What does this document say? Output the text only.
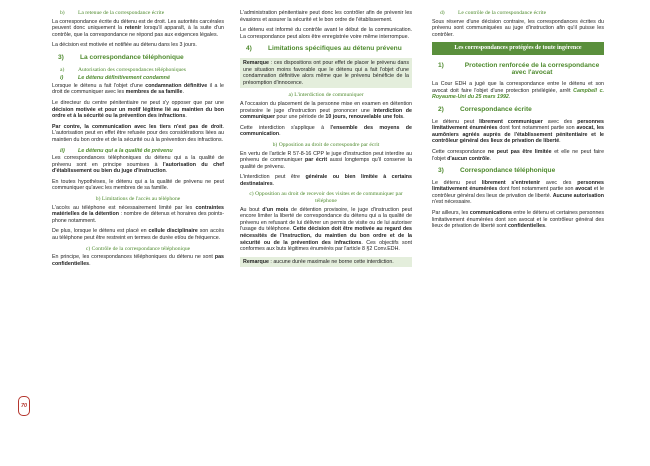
b) La retenue de la correspondance écrite

La correspondance écrite du détenu est de droit. Les autorités carcérales peuvent donc uniquement la retenir lorsqu'il apparaît, à la suite d'un contrôle, que la correspondance ne répond pas aux exigences légales.

La décision est motivée et notifiée au détenu dans les 3 jours.

3) La correspondance téléphonique
a) Autorisation des correspondances téléphoniques
i)	Le détenu définitivement condamné

Lorsque le détenu a fait l'objet d'une condamnation définitive il a le droit de communiquer avec les membres de sa famille.

Le directeur du centre pénitentiaire ne peut s'y opposer que par une décision motivée et pour un motif légitime lié au maintien du bon ordre et à la sécurité ou la prévention des infractions.

Par contre, la communication avec les tiers n'est pas de droit. L'autorisation peut en effet être refusée pour des considérations liées au maintien du bon ordre et de la sécurité ou à la prévention des infractions.

ii) Le détenu qui a la qualité de prévenu

Les correspondances téléphoniques du détenu qui a la qualité de prévenu sont en principe soumises à l'autorisation du chef d'établissement ou bien du juge d'instruction.

En toutes hypothèses, le détenu qui a la qualité de prévenu ne peut communiquer qu'avec les membres de sa famille.

b) Limitations de l'accès au téléphone

L'accès au téléphone est nécessairement limité par les contraintes matérielles de la détention : nombre de détenus et horaires des points-phone notamment.

De plus, lorsque le détenu est placé en cellule disciplinaire son accès au téléphone peut être restreint en termes de durée et/ou de fréquence.

c) Contrôle de la correspondance téléphonique

En principe, les correspondances téléphoniques du détenu ne sont pas confidentielles.

L'administration pénitentiaire peut donc les contrôler afin de prévenir les évasions et assurer la sécurité et le bon ordre de l'établissement.

Le détenu est informé du contrôle avant le début de la communication. La correspondance peut alors être enregistrée voire même interrompue.

4) Limitations spécifiques au détenu prévenu
Remarque : ces dispositions ont pour effet de placer le prévenu dans une situation moins favorable que le détenu qui a fait l'objet d'une condamnation définitive alors même que le prévenu bénéficie de la présomption d'innocence.
a) L'interdiction de communiquer

A l'occasion du placement de la personne mise en examen en détention provisoire le juge d'instruction peut prononcer une interdiction de communiquer pour une période de 10 jours, renouvelable une fois.

Cette interdiction s'applique à l'ensemble des moyens de communication.

b) Opposition au droit de correspondre par écrit

En vertu de l'article R 57-8-16 CPP le juge d'instruction peut interdire au prévenu de communiquer par écrit aussi longtemps qu'il conserve la qualité de prévenu.

L'interdiction peut être générale ou bien limitée à certains destinataires.

c) Opposition au droit de recevoir des visites et de communiquer par téléphone

Au bout d'un mois de détention provisoire, le juge d'instruction peut encore limiter la liberté de correspondance du détenu qui a la qualité de prévenu en refusant de lui délivrer un permis de visite ou de lui autoriser l'usage du téléphone. Cette décision doit être motivée au regard des nécessités de l'instruction, du maintien du bon ordre et de la sécurité ou de la prévention des infractions. Ces objectifs sont conformes aux buts légitimes énumérés par l'article 8 §2 Conv.EDH.

Remarque : aucune durée maximale ne borne cette interdiction.
d) Le contrôle de la correspondance écrite

Sous réserve d'une décision contraire, les correspondances écrites du prévenu sont communiquées au juge d'instruction afin qu'il puisse les contrôler.

Les correspondances protégées de toute ingérence
1)	Protection renforcée de la correspondance avec l'avocat

La Cour EDH a jugé que la correspondance entre le détenu et son avocat doit faire l'objet d'une protection privilégiée, arrêt Campbell c. Royaume-Uni du 25 mars 1992.

2) Correspondance écrite

Le détenu peut librement communiquer avec des personnes limitativement énumérées dont font notamment partie son avocat, les aumôniers agréés auprès de l'établissement pénitentiaire et le contrôleur général des lieux de privation de liberté.

Cette correspondance ne peut pas être limitée et elle ne peut faire l'objet d'aucun contrôle.

3) Correspondance téléphonique

Le détenu peut librement s'entretenir avec des personnes limitativement énumérées dont font notamment partie son avocat et le contrôleur général des lieux de privation de liberté. Aucune autorisation n'est nécessaire.

Par ailleurs, les communications entre le détenu et certaines personnes limitativement énumérées dont son avocat et le contrôleur général des lieux de privation de liberté sont confidentielles.

70
